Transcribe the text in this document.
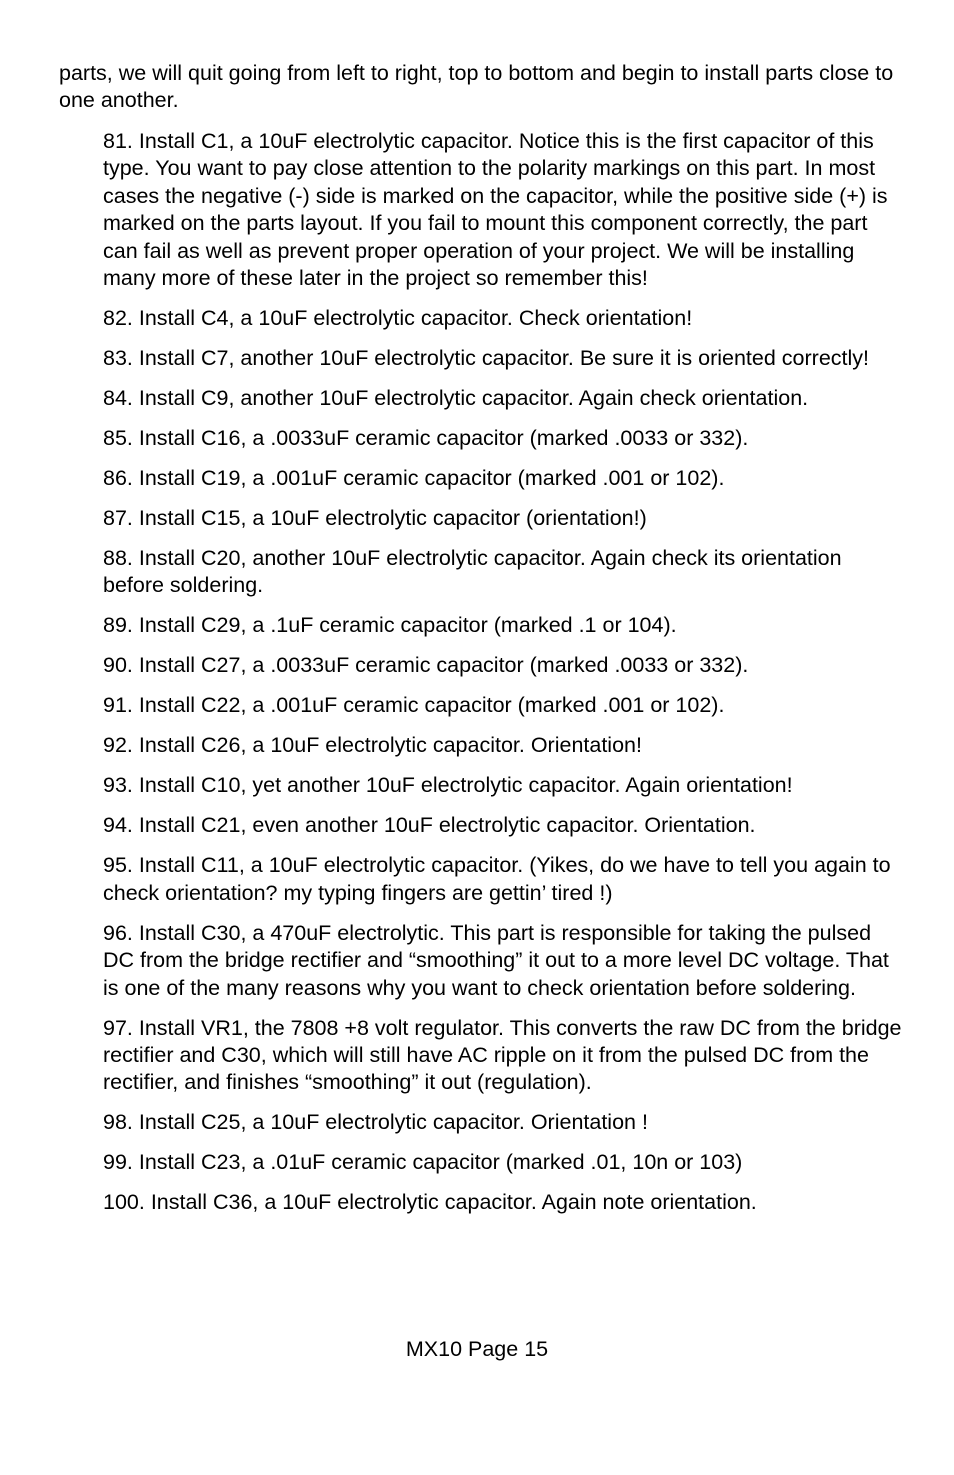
parts, we will quit going from left to right, top to bottom and begin to install parts close to one another.

81. Install C1, a 10uF electrolytic capacitor. Notice this is the first capacitor of this type. You want to pay close attention to the polarity markings on this part. In most cases the negative (-) side is marked on the capacitor, while the positive side (+) is marked on the parts layout. If you fail to mount this component correctly, the part can fail as well as prevent proper operation of your project. We will be installing many more of these later in the project so remember this!
82. Install C4, a 10uF electrolytic capacitor. Check orientation!
83. Install C7, another 10uF electrolytic capacitor. Be sure it is oriented correctly!
84. Install C9, another 10uF electrolytic capacitor. Again check orientation.
85. Install C16, a .0033uF ceramic capacitor (marked .0033 or 332).
86. Install C19, a .001uF ceramic capacitor (marked .001 or 102).
87. Install C15, a 10uF electrolytic capacitor (orientation!)
88. Install C20, another 10uF electrolytic capacitor. Again check its orientation before soldering.
89. Install C29, a .1uF ceramic capacitor (marked .1 or 104).
90. Install C27, a .0033uF ceramic capacitor (marked .0033 or 332).
91. Install C22, a .001uF ceramic capacitor (marked .001 or 102).
92. Install C26, a 10uF electrolytic capacitor. Orientation!
93. Install C10, yet another 10uF electrolytic capacitor. Again orientation!
94. Install C21, even another 10uF electrolytic capacitor. Orientation.
95. Install C11, a 10uF electrolytic capacitor. (Yikes, do we have to tell you again to check orientation? my typing fingers are gettin’ tired !)
96. Install C30, a 470uF electrolytic. This part is responsible for taking the pulsed DC from the bridge rectifier and “smoothing” it out to a more level DC voltage. That is one of the many reasons why you want to check orientation before soldering.
97. Install VR1, the 7808 +8 volt regulator. This converts the raw DC from the bridge rectifier and C30, which will still have AC ripple on it from the pulsed DC from the rectifier, and finishes “smoothing” it out (regulation).
98. Install C25, a 10uF electrolytic capacitor. Orientation !
99. Install C23, a .01uF ceramic capacitor (marked .01, 10n or 103)
100. Install C36, a 10uF electrolytic capacitor. Again note orientation.
MX10 Page 15
